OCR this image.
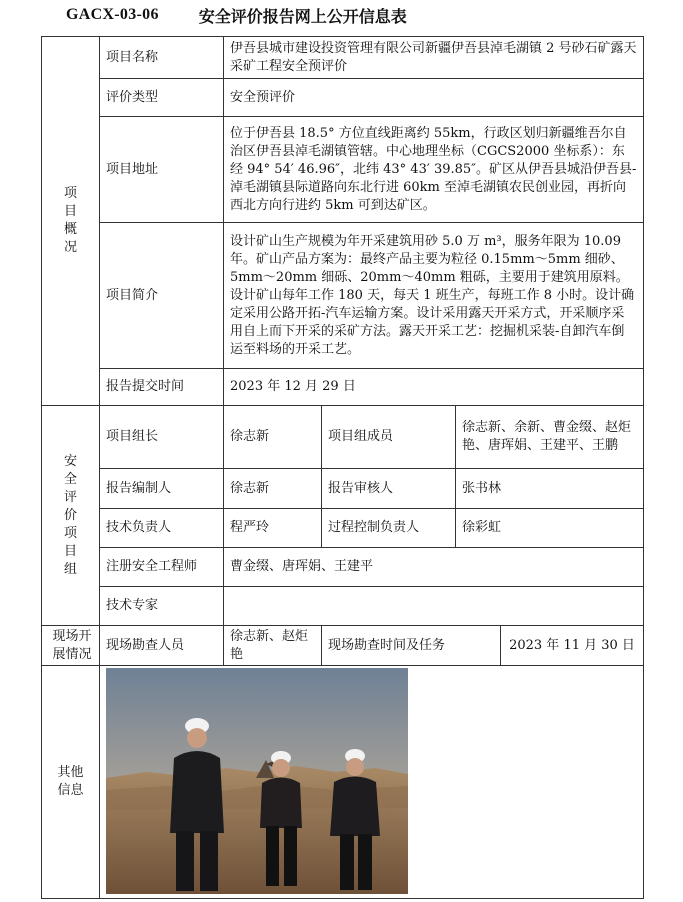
GACX-03-06	安全评价报告网上公开信息表
项目概况	项目名称	伊吾县城市建设投资管理有限公司新疆伊吾县淖毛湖镇 2 号砂石矿露天采矿工程安全预评价			
	评价类型	安全预评价			
	项目地址	位于伊吾县 18.5° 方位直线距离约 55km，行政区划归新疆维吾尔自治区伊吾县淖毛湖镇管辖。中心地理坐标（CGCS2000 坐标系）：东经 94° 54′ 46.96″，北纬 43° 43′ 39.85″。矿区从伊吾县城沿伊吾县-淖毛湖镇县际道路向东北行进 60km 至淖毛湖镇农民创业园，再折向西北方向行进约 5km 可到达矿区。			
	项目简介	设计矿山生产规模为年开采建筑用砂 5.0 万 m³，服务年限为 10.09 年。矿山产品方案为：最终产品主要为粒径 0.15mm～5mm 细砂、5mm～20mm 细砾、20mm～40mm 粗砾，主要用于建筑用原料。设计矿山每年工作 180 天，每天 1 班生产，每班工作 8 小时。设计确定采用公路开拓-汽车运输方案。设计采用露天开采方式，开采顺序采用自上而下开采的采矿方法。露天开采工艺：挖掘机采装-自卸汽车倒运至料场的开采工艺。			
	报告提交时间	2023 年 12 月 29 日			
安全评价项目组	项目组长	徐志新	项目组成员	徐志新、余新、曹金缀、赵炬艳、唐珲娟、王建平、王鹏	
	报告编制人	徐志新	报告审核人	张书林	
	技术负责人	程严玲	过程控制负责人	徐彩虹	
	注册安全工程师	曹金缀、唐珲娟、王建平			
	技术专家				
现场开展情况	现场勘查人员	徐志新、赵炬艳	现场勘查时间及任务		2023 年 11 月 30 日
其他信息	
